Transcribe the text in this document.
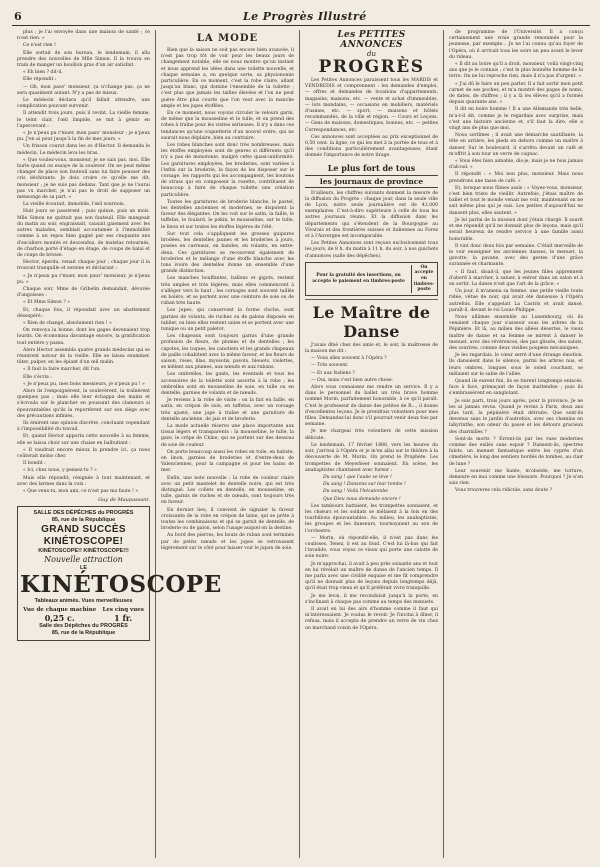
6	Le Progrès Illustré

plus ; je l'ai envoyée dans une maison de santé ; ce n'est rien. »

Ce n'est rien !

Elle sortait de son bureau, le lendemain, il alla prendre des nouvelles de Mlle Simon. Il la trouva en train de manger un bouillon gras d'un air satisfait.

« Eh bien ? dit-il.

Elle répondit :

— Oh, mon pauv' monsieur, ça n'change pas, ça ne sera quasiment autant. N'y a pas de mieux.

Le médecin déclara qu'il fallait attendre, une complication pouvant survenir.

Il attendit trois jours, puis il revint. La vieille femme, le teint clair, l'œil limpide, se mit à gémir en l'apercevant :

« Je n'peux pu r'muer, mon pauv' monsieur ; je n'peux pu. J'en ai pour jusqu'à la fin de mes jours. »

Un frisson courut dans les os d'Hector. Il demanda le médecin. Le médecin leva les bras.

« Que voulez-vous, monsieur, je ne sais pas, moi. Elle hurle quand on essaye de la soulever. On ne peut même changer de place son fauteuil sans lui faire pousser des cris déchirants. Je dois croire ce qu'elle me dit, monsieur ; je ne suis pas dedans. Tant que je ne l'aurai pas vu marcher, je n'ai pas le droit de supposer un mensonge de sa part. »

La vieille écoutait, immobile, l'œil sournois.

Huit jours se passèrent ; puis quinze, puis un mois. Mlle Simon ne quittait pas son fauteuil. Elle mangeait du matin au soir, engraissait, causait gaiement avec les autres malades, semblait accoutumée à l'immobilité comme à un repos bien gagné par ses cinquante ans d'escaliers montés et descendus, de matelas retournés, de charbon porté d'étage en étage, de coups de balai et de coups de brosse.

Hector, éperdu, venait chaque jour ; chaque jour il la trouvait tranquille et sereine et déclarant :

« Je n'peux pu r'muer, mon pauv' monsieur, je n'peux pu. »

Chaque soir, Mme de Gribelin demandait, dévorée d'angoisses :

« Et Mme Simon ? »

Et, chaque fois, il répondait avec un abattement désespéré :

« Rien de changé, absolument rien ! »

On renvoya la bonne, dont les gages devenaient trop lourds. On économisa davantage encore, la gratification tout entière y passa.

Alors Hector assembla quatre grands médecins qui se réunirent autour de la vieille. Elle se laissa examiner, tâter, palper, en les épiant d'un œil malin.

« Il faut la faire marcher, dit l'un.

Elle s'écria :

« Je n'peux pu, mes bons messieurs, je n'peux pu ! »

Alors ils l'empoignèrent, la soulevèrent, la traînèrent quelques pas ; mais elle leur échappa des mains et s'écroula sur le plancher en poussant des clameurs si épouvantables qu'ils la reportèrent sur son siège avec des précautions infinies.

Ils émirent une opinion discrète, concluant cependant à l'impossibilité du travail.

Et, quand Hector apporta cette nouvelle à sa femme, elle se laissa choir sur une chaise en balbutiant :

« Il vaudrait encore mieux la prendre ici, ça nous coûterait moins cher.

Il bondit :

« Ici, chez nous, y pensez-tu ? »

Mais elle répondit, résignée à tout maintenant, et avec des larmes dans la voix :

« Que veux-tu, mon ami, ce n'est pas ma faute ! »

Guy de Maupassant.

SALLE DES DÉPÊCHES du PROGRÈS
85, rue de la République
GRAND SUCCÈS
KINÉTOSCOPE!
KINÉTOSCOPE!! KINÉTOSCOPE!!!
Nouvelle attraction
LE
KINÉTOSCOPE
Tableaux animés. Vues merveilleuses
Vue de chaque machine
0,25 c.
Les cinq vues
1 fr.
Salle des Dépêches du PROGRÈS
85, rue de la République
LA MODE

Bien que la saison ne soit pas encore bien avancée, il n'est pas trop tôt de voir pour les beaux jours de changement notable, elle ne nous montre qu'un instant et nous apprend les idées dans une toilette nouvelle, et chaque semaine a, en quelque sorte, sa physionomie particulière. En ce moment, c'est la robe claire, allant jusqu'au blanc, qui domine l'ensemble de la toilette ; c'est plus que jamais les tailles élevées et l'on ne peut guère être plus courte que l'on veut avec la manche ample et les jupes étoffées.

En ce moment, nous voyons circuler le velours garni, de même que la mousseline et le tulle, et on prend des robes à traîne pour les visites sérieuses. Il n'y a dans ces tendances qu'une coquetterie d'un nouvel ordre, qui ne saurait nous déplaire, bien au contraire.

Les robes blanches sont donc très nombreuses, mais les étoffes employées sont de genres si différents qu'il n'y a pas de monotonie, malgré cette quasi-uniformité. Les garnitures employées, les broderies, sont variées à l'infini sur la broderie, la façon de les disposer sur le corsage, les rapports qui les accompagnent, les boutons de strass qui en composent la rosette, contribuent de beaucoup à faire de chaque toilette une création particulière.

Toutes les garnitures de broderie blanche, le pastel, les dentelles anciennes et modernes, se disputent la faveur des élégantes. On les voit sur le satin, la faille, le taffetas, le foulard, le pékin, le mousseline, sur le tulle, le linon et sur toutes les étoffes légères de l'été.

Sur tout cela s'appliquent les grosses guipures brodées, les dentelles jaunes et les broderies à jours, posées en carreaux, en bandes, en volants, en entre-deux. Ces garnitures se recouvrent également de broderies et le mélange d'une étoffe blanche avec les tons ivoire des dentelles donne un ensemble d'une grande distinction.

Les manches bouffantes, ballons et gigots, restent très amples et très légères, mais elles commencent à s'alléger vers le haut ; les corsages sont souvent taillés en boléro, et se portent avec une ceinture de soie ou de ruban très haute.

Les jupes, qui conservent la forme cloche, sont garnies de volants, de ruches ou de galons disposés en tablier, ou bien elles restent unies et se portent avec une tunique ou un petit paletot.

Les chapeaux sont toujours garnis d'une grande profusion de fleurs, de plumes et de dentelles ; les capotes, les toques, les canotiers et les grands chapeaux de paille cohabitent avec la même faveur, et les fleurs de saison, roses, lilas, myosotis, pavots, bleuets, violettes, se mêlent aux plumes, aux nœuds et aux rubans.

Les ombrelles, les gants, les éventails et tous les accessoires de la toilette sont assortis à la robe ; les ombrelles sont en mousseline de soie, en tulle ou en dentelle, garnies de volants et de nœuds.

Je reviens à la robe de visite : on la fait en faille, en satin, en crépon de soie, en taffetas, avec un corsage très ajusté, une jupe à traîne et une garniture de dentelle ancienne, de jais et de broderie.

La mode actuelle réserve une place importante aux tissus légers et transparents : la mousseline, le tulle, la gaze, le crêpe de Chine, qui se portent sur des dessous de soie de couleur.

On porte beaucoup aussi les robes en toile, en batiste, en linon, garnies de broderies et d'entre-deux de Valenciennes, pour la campagne et pour les bains de mer.

Enfin, une note nouvelle : la robe de couleur claire avec un petit mantelet de dentelle noire, qui est très distingué. Les collets en dentelle, en mousseline, en tulle, garnis de ruches et de nœuds, sont toujours très en faveur.

En dernier lieu, il convient de signaler la faveur croissante de la robe en crépon de laine, qui se prête à toutes les combinaisons et qui se garnit de dentelle, de broderie ou de galon, selon l'usage auquel on la destine.

Au bord des pierres, les bouts de ruban sont terminés par de petits nœuds et les jupes se retroussent légèrement sur le côté pour laisser voir le jupon de soie.

Les PETITES ANNONCES
du
PROGRÈS

Les Petites Annonces paraissent tous les MARDIS et VENDREDIS et comprennent : les demandes d'emploi, — offres et demandes de locations d'appartements, magasins, maisons, etc. — vente et achat d'immeubles, — lots mondains, — occasions en mobiliers, matériels d'usines, etc. — sport, — maisons et hôtels recommandés, de la ville et région. — Cours et Leçons. — Gens de maisons, domestiques, bonnes, etc. — petites Correspondances, etc.

Ces annonces sont acceptées au prix exceptionnel de 0,50 cent. la ligne, ce qui les met à la portée de tous et à des conditions particulièrement avantageuses, étant donnée l'importance de notre tirage.

Le plus fort de tous
les journaux de province

D'ailleurs, les chiffres suivants donnent la mesure de la diffusion du Progrès : chaque jour, dans la seule ville de Lyon, notre seule journalière est de 42.000 exemplaires. C'est-à-dire supérieure à celle de tous les autres journaux réunis. Et la diffusion dans les départements qui s'étendent de la Bourgogne au Vivarais et des frontières suisses et italiennes au Forez et à l'Auvergne est incomparable.

Les Petites Annonces sont reçues exclusivement tous les jours, de 8 h. du matin à 11 h. du soir, à nos guichets d'annonces (salle des dépêches).

Pour la gratuité des insertions, on accepte le paiement en timbres-poste
On accepte en timbres-poste
Le Maître de Danse

J'avais dîné chez des amis et, le soir, la maîtresse de la maison me dit :

— Vous allez souvent à l'Opéra ?

— Très souvent.

— Et aux Italiens ?

— Oui, mais c'est bien autre chose.

Alors vous connaissez me rendre un service. Il y a dans le personnel du ballet un très brave homme nommé Morin, parfaitement honorable, à ce qu'il paraît. C'est le professeur de danse des petites de R..., il donne d'excellentes leçons. Je le prendrais volontiers pour mes filles. Demandez-lui donc s'il pourrait venir deux fois par semaine.

Je me chargeai très volontiers de cette mission délicate.

Le lendemain, 17 février 1886, vers les heures du soir, j'arrivai à l'Opéra et je m'en allai sur le théâtre à la découverte de M. Morin. On prend le Prophète. Les trompettes de Meyerbeer sonnaient. En scène, les anabaptistes chantaient avec fureur :

Du sang ! que l'aube se lève !

Du sang ! Dansons sur leur tombe !

Du sang ! Voilà l'hécatombe

Que Dieu nous demande encore !

Les tambours battaient, les trompettes sonnaient, et les chœurs et les soldats se mêlaient à la fois en des tourbillons épouvantables. Au milieu, les anabaptistes, les groupes et les danseurs, tournoyaient au son de l'orchestre.

— Morin, où répondit-elle, il n'est pas dans les coulisses. Tenez, il est au fond. C'est lui là-bas qui fait l'invalide, vous voyez ce vieux qui porte une calotte de soie noire.

Je m'approchai, il avait à peu près soixante ans et tout en lui révélait un maître de danse de l'ancien temps. Il me parla avec une civilité exquise et me fit comprendre qu'il ne donnait plus de leçons depuis longtemps déjà, qu'il était trop vieux et qu'il préférait vivre tranquille.

Je me levai, il me reconduisit jusqu'à la porte, en s'inclinant à chaque pas comme au temps des menuets.

Il avait en lui des airs d'homme comme il faut qui m'intéressaient. Je voulus le revoir. Je l'invitai à dîner, il refusa, mais il accepta de prendre un verre de vin chez un marchand voisin de l'Opéra.

de programme de l'Université. Il a conçu certainement une vraie grande renommée pour la jeunesse, par exemple... Je ne l'ai connu qu'au foyer de l'Opéra, où il arrivait tous les soirs un peu avant le lever du rideau.

« Il dit au boire qu'il a droit, monsieur, voilà vingt-cinq ans que je le connais ; c'est le plus honnête homme de la terre. On ne lui reproche rien, mais il n'a pas d'argent. »

« J'ai dû le faire un peu parler, Il a fait sortir mon petit carnet de ses poches, et m'a montré des pages de noms, de dates, de chiffres ; il y a là les élèves qu'il a formés depuis quarante ans. »

Il dit en boire homme ! Il a une Allemande très belle, m'a-t-il dit, comme je le regardais avec surprise, mais c'est une histoire ancienne et, s'il faut la dire, elle a vingt ans de plus que moi.

Nous sortîmes ; il avait une démarche sautillante, la tête en arrière, les pieds en dehors comme un maître à danser. Sur le boulevard, il s'arrêta devant un café et m'offrit à son tour un verre de cognac.

« Vous êtes bien aimable, dis-je, mais je ne bois jamais d'alcool. »

Il répondit : « Moi non plus, monsieur. Mais nous prendrons une tasse de café. »

Et, lorsque nous fûmes assis : « Voyez-vous, monsieur, c'est bien triste de vieillir. Autrefois, j'étais maître de ballet et tout le monde venait me voir, maintenant on ne sait même plus qui je suis. Les petites d'aujourd'hui ne dansent plus, elles sautent. »

Je lui parlai de la mission dont j'étais chargé. Il sourit et me répondit qu'il ne donnait plus de leçons, mais qu'il serait heureux de rendre service à une famille aussi honorable.

Il vint donc deux fois par semaine. C'était merveille de le voir enseigner les anciennes danses, le menuet, la gavotte, la pavane, avec des gestes d'une grâce surannée et charmante.

« Il faut, disait-il, que les jeunes filles apprennent d'abord à marcher, à saluer, à entrer dans un salon et à en sortir. La danse n'est que l'art de la grâce. »

Un jour, il m'amena sa femme, une petite vieille toute ridée, vêtue de noir, qui avait été danseuse à l'Opéra autrefois. Elle s'appelait La Castris et avait dansé, paraît-il, devant le roi Louis-Philippe.

Nous allâmes ensemble au Luxembourg, où ils venaient chaque jour s'asseoir sous les arbres de la Pépinière. Et là, au milieu des allées désertes, le vieux maître de danse et sa femme se mirent à danser le menuet, avec des révérences, des pas glissés, des saluts, des sourires, comme deux vieilles poupées mécaniques.

Je les regardais, le cœur serré d'une étrange émotion. Ils dansaient dans le silence, parmi les arbres nus, et leurs ombres, longues sous le soleil couchant, se mêlaient sur le sable de l'allée.

Quand ils eurent fini, ils se tinrent longtemps enlacés, face à face, grimaçant de façon inattendue ; puis ils s'embrassèrent en sanglotant.

Je suis parti, trois jours après, pour la province. Je ne les ai jamais revus. Quand je revins à Paris, deux ans plus tard, la pépinière était détruite. Que sont-ils devenus sans le jardin d'autrefois, avec ses chemins en labyrinthe, son odeur du passé et les détours gracieux des charmilles ?

Sont-ils morts ? Errent-ils par les rues modernes comme des exilés sans espoir ? Dansent-ils, spectres falots, un menuet fantastique entre les cyprès d'un cimetière, le long des sentiers bordés de tombes, au clair de lune ?

Leur souvenir me hante, m'obsède, me torture, demeure en moi comme une blessure. Pourquoi ? Je n'en sais rien.

Vous trouverez cela ridicule, sans doute ?
